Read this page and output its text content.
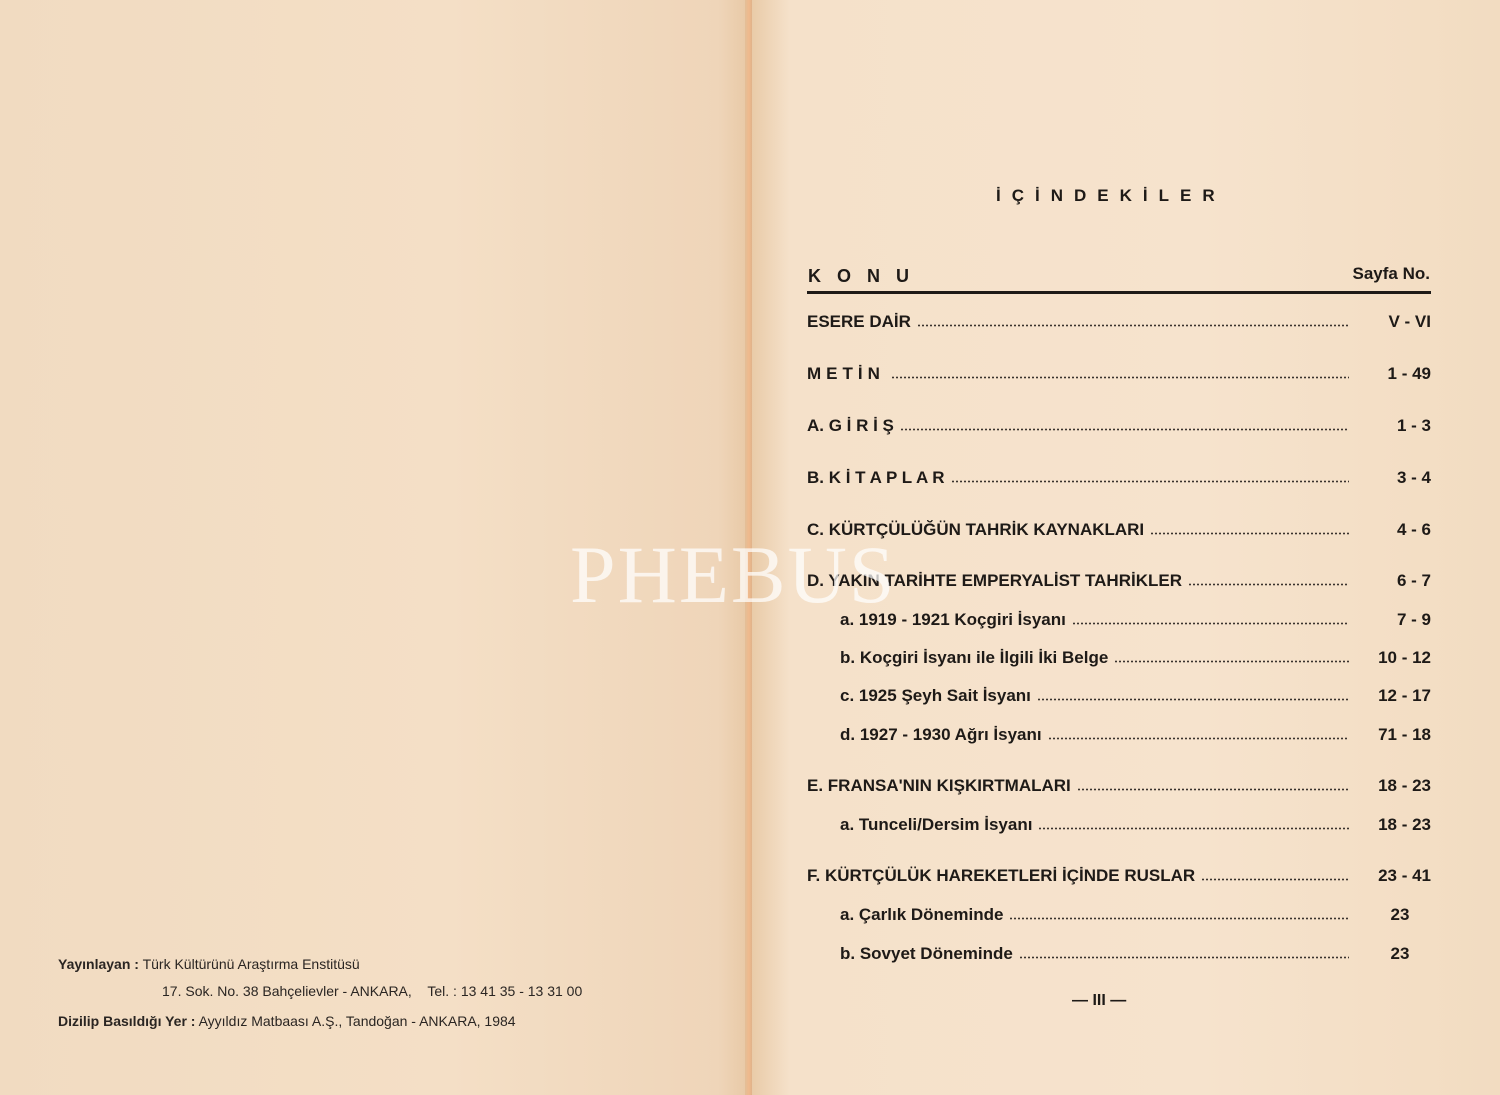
Yayınlayan : Türk Kültürünü Araştırma Enstitüsü
17. Sok. No. 38 Bahçelievler - ANKARA, Tel. : 13 41 35 - 13 31 00
Dizilip Basıldığı Yer : Ayyıldız Matbaası A.Ş., Tandoğan - ANKARA, 1984
İÇİNDEKİLER
KONU	Sayfa No.
ESERE DAİR	V - VI
METİN	1 - 49
A. G İ R İ Ş	1 - 3
B. K İ T A P L A R	3 - 4
C. KÜRTÇÜLÜĞÜN TAHRİK KAYNAKLARI	4 - 6
D. YAKIN TARİHTE EMPERYALİST TAHRİKLER	6 - 7
a. 1919 - 1921 Koçgiri İsyanı	7 - 9
b. Koçgiri İsyanı ile İlgili İki Belge	10 - 12
c. 1925 Şeyh Sait İsyanı	12 - 17
d. 1927 - 1930 Ağrı İsyanı	71 - 18
E. FRANSA'NIN KIŞKIRTMALARI	18 - 23
a. Tunceli/Dersim İsyanı	18 - 23
F. KÜRTÇÜLÜK HAREKETLERİ İÇİNDE RUSLAR	23 - 41
a. Çarlık Döneminde	23
b. Sovyet Döneminde	23
— III —
PHEBUS
